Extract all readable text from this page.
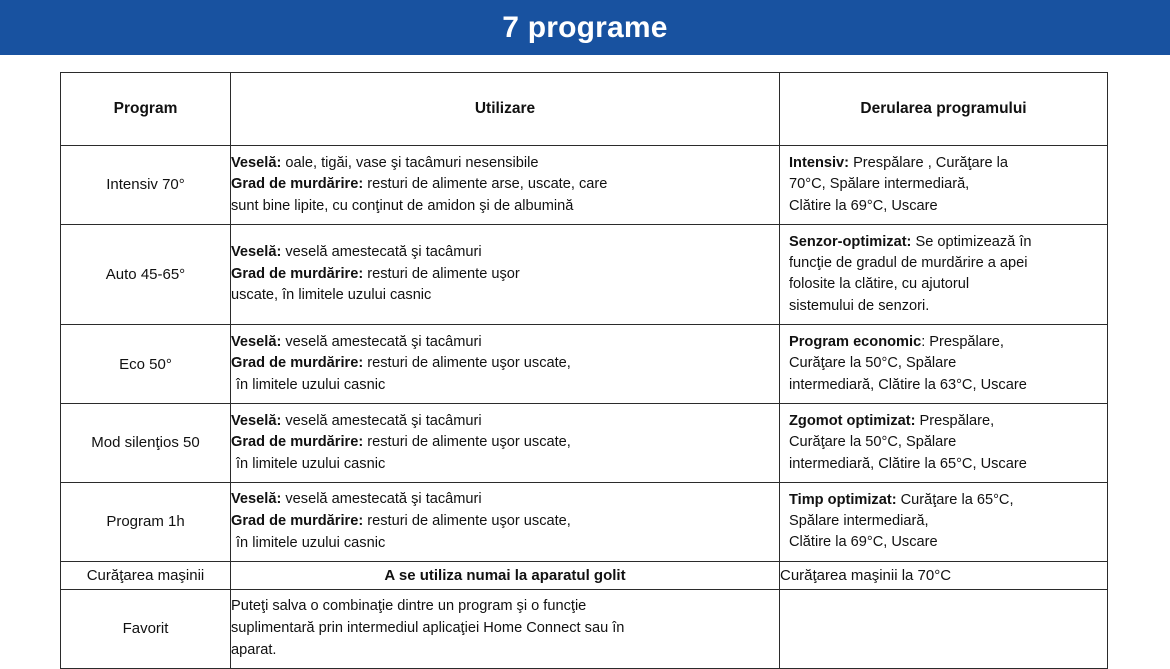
7 programe
Program	Utilizare	Derularea programului
Intensiv 70°	Veselă: oale, tigăi, vase şi tacâmuri nesensibile
Grad de murdărire: resturi de alimente arse, uscate, care
sunt bine lipite, cu conţinut de amidon şi de albumină	Intensiv: Prespălare , Curăţare la
70°C, Spălare intermediară,
Clătire la 69°C, Uscare

Auto 45-65°	Veselă: veselă amestecată şi tacâmuri
Grad de murdărire: resturi de alimente uşor
uscate, în limitele uzului casnic	Senzor-optimizat: Se optimizează în
funcţie de gradul de murdărire a apei
folosite la clătire, cu ajutorul
sistemului de senzori.

Eco 50°	Veselă: veselă amestecată şi tacâmuri
Grad de murdărire: resturi de alimente uşor uscate,
în limitele uzului casnic	Program economic: Prespălare,
Curăţare la 50°C, Spălare
intermediară, Clătire la 63°C, Uscare

Mod silenţios 50	Veselă: veselă amestecată şi tacâmuri
Grad de murdărire: resturi de alimente uşor uscate,
în limitele uzului casnic	Zgomot optimizat: Prespălare,
Curăţare la 50°C, Spălare
intermediară, Clătire la 65°C, Uscare

Program 1h	Veselă: veselă amestecată şi tacâmuri
Grad de murdărire: resturi de alimente uşor uscate,
în limitele uzului casnic	Timp optimizat: Curăţare la 65°C,
Spălare intermediară,
Clătire la 69°C, Uscare

Curăţarea maşinii	A se utiliza numai la aparatul golit	Curăţarea maşinii la 70°C
Favorit	Puteţi salva o combinaţie dintre un program şi o funcţie
suplimentară prin intermediul aplicaţiei Home Connect sau în
aparat.	
